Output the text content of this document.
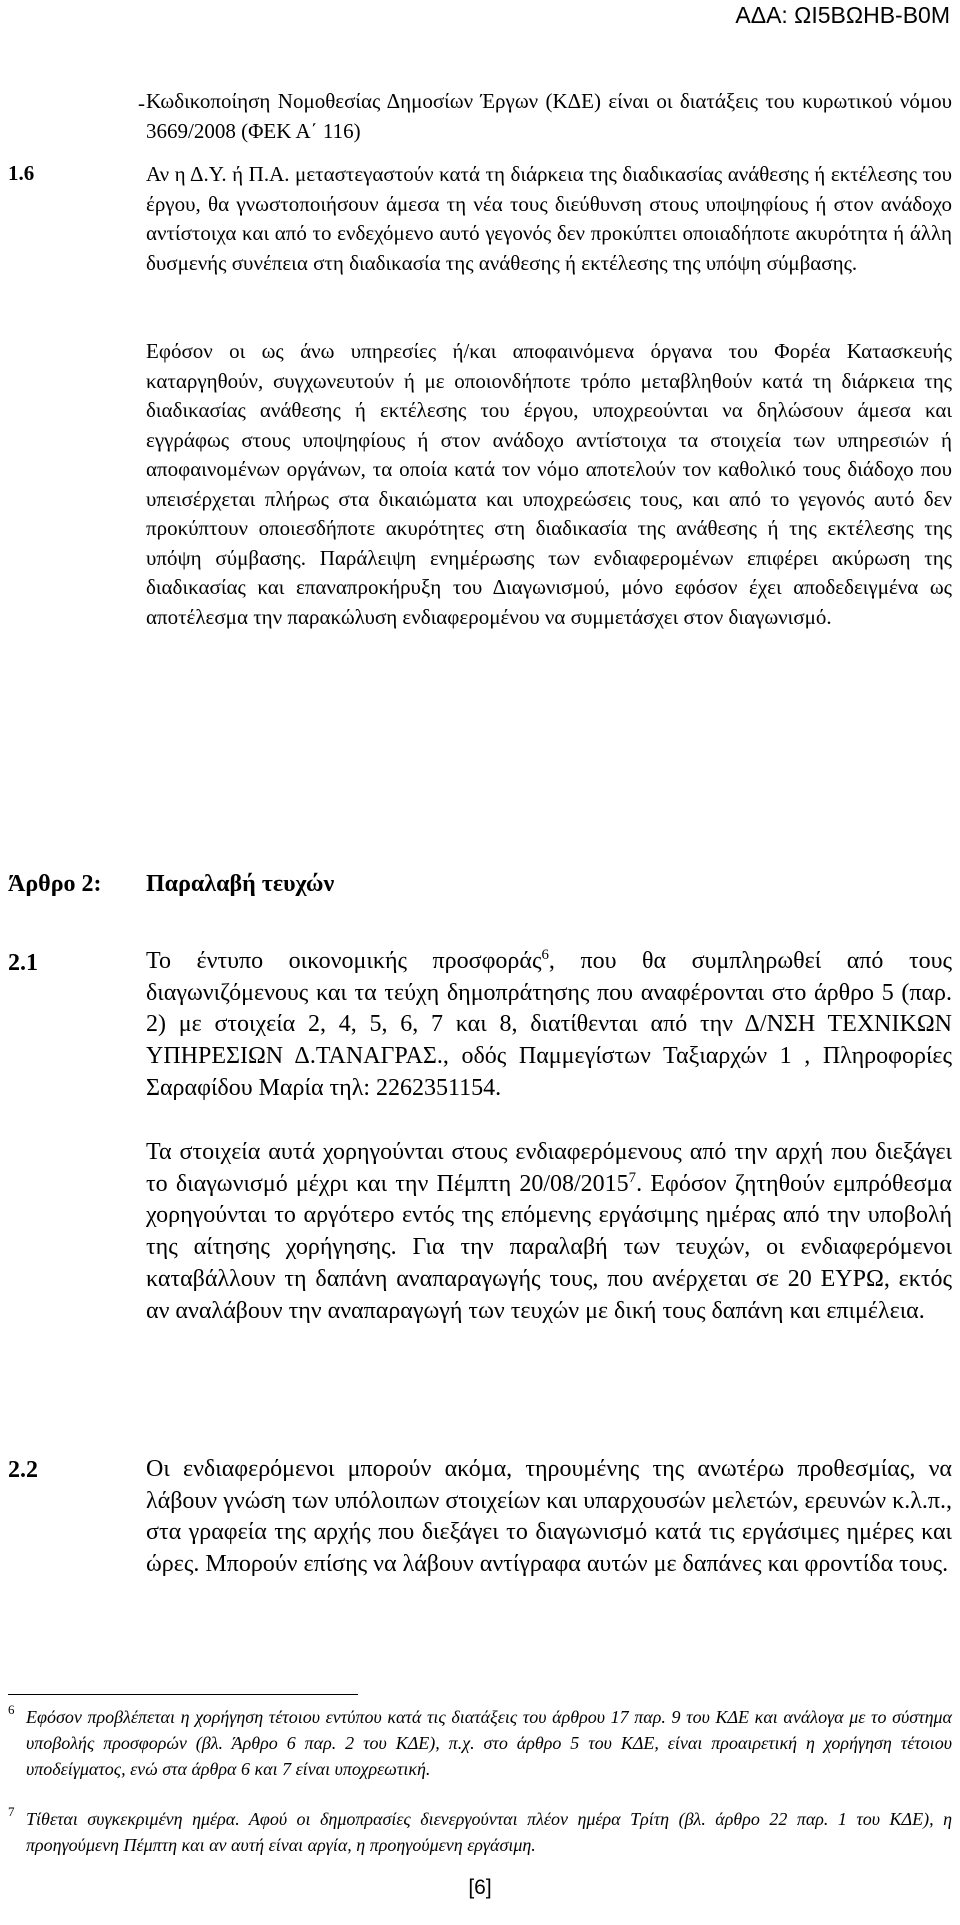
ΑΔΑ: ΩΙ5ΒΩΗΒ-Β0Μ
- Κωδικοποίηση Νομοθεσίας Δημοσίων Έργων (ΚΔΕ) είναι οι διατάξεις του κυρωτικού νόμου 3669/2008 (ΦΕΚ Α΄ 116)

1.6	Αν η Δ.Υ. ή Π.Α. μεταστεγαστούν κατά τη διάρκεια της διαδικασίας ανάθεσης ή εκτέλεσης του έργου, θα γνωστοποιήσουν άμεσα τη νέα τους διεύθυνση στους υποψηφίους ή στον ανάδοχο αντίστοιχα και από το ενδεχόμενο αυτό γεγονός δεν προκύπτει οποιαδήποτε ακυρότητα ή άλλη δυσμενής συνέπεια στη διαδικασία της ανάθεσης ή εκτέλεσης της υπόψη σύμβασης.

Εφόσον οι ως άνω υπηρεσίες ή/και αποφαινόμενα όργανα του Φορέα Κατασκευής καταργηθούν, συγχωνευτούν ή με οποιονδήποτε τρόπο μεταβληθούν κατά τη διάρκεια της διαδικασίας ανάθεσης ή εκτέλεσης του έργου, υποχρεούνται να δηλώσουν άμεσα και εγγράφως στους υποψηφίους ή στον ανάδοχο αντίστοιχα τα στοιχεία των υπηρεσιών ή αποφαινομένων οργάνων, τα οποία κατά τον νόμο αποτελούν τον καθολικό τους διάδοχο που υπεισέρχεται πλήρως στα δικαιώματα και υποχρεώσεις τους, και από το γεγονός αυτό δεν προκύπτουν οποιεσδήποτε ακυρότητες στη διαδικασία της ανάθεσης ή της εκτέλεσης της υπόψη σύμβασης. Παράλειψη ενημέρωσης των ενδιαφερομένων επιφέρει ακύρωση της διαδικασίας και επαναπροκήρυξη του Διαγωνισμού, μόνο εφόσον έχει αποδεδειγμένα ως αποτέλεσμα την παρακώλυση ενδιαφερομένου να συμμετάσχει στον διαγωνισμό.

Άρθρο 2: Παραλαβή τευχών
2.1	Το έντυπο οικονομικής προσφοράς$^6$, που θα συμπληρωθεί από τους διαγωνιζόμενους και τα τεύχη δημοπράτησης που αναφέρονται στο άρθρο 5 (παρ. 2) με στοιχεία 2, 4, 5, 6, 7 και 8, διατίθενται από την Δ/ΝΣΗ ΤΕΧΝΙΚΩΝ ΥΠΗΡΕΣΙΩΝ Δ.ΤΑΝΑΓΡΑΣ., οδός Παμμεγίστων Ταξιαρχών 1 , Πληροφορίες Σαραφίδου Μαρία τηλ: 2262351154.

Τα στοιχεία αυτά χορηγούνται στους ενδιαφερόμενους από την αρχή που διεξάγει το διαγωνισμό μέχρι και την Πέμπτη 20/08/2015$^7$. Εφόσον ζητηθούν εμπρόθεσμα χορηγούνται το αργότερο εντός της επόμενης εργάσιμης ημέρας από την υποβολή της αίτησης χορήγησης. Για την παραλαβή των τευχών, οι ενδιαφερόμενοι καταβάλλουν τη δαπάνη αναπαραγωγής τους, που ανέρχεται σε 20 ΕΥΡΩ, εκτός αν αναλάβουν την αναπαραγωγή των τευχών με δική τους δαπάνη και επιμέλεια.

2.2	Οι ενδιαφερόμενοι μπορούν ακόμα, τηρουμένης της ανωτέρω προθεσμίας, να λάβουν γνώση των υπόλοιπων στοιχείων και υπαρχουσών μελετών, ερευνών κ.λ.π., στα γραφεία της αρχής που διεξάγει το διαγωνισμό κατά τις εργάσιμες ημέρες και ώρες. Μπορούν επίσης να λάβουν αντίγραφα αυτών με δαπάνες και φροντίδα τους.

6 Εφόσον προβλέπεται η χορήγηση τέτοιου εντύπου κατά τις διατάξεις του άρθρου 17 παρ. 9 του ΚΔΕ και ανάλογα με το σύστημα υποβολής προσφορών (βλ. Άρθρο 6 παρ. 2 του ΚΔΕ), π.χ. στο άρθρο 5 του ΚΔΕ, είναι προαιρετική η χορήγηση τέτοιου υποδείγματος, ενώ στα άρθρα 6 και 7 είναι υποχρεωτική.

7 Τίθεται συγκεκριμένη ημέρα. Αφού οι δημοπρασίες διενεργούνται πλέον ημέρα Τρίτη (βλ. άρθρο 22 παρ. 1 του ΚΔΕ), η προηγούμενη Πέμπτη και αν αυτή είναι αργία, η προηγούμενη εργάσιμη.

[6]
